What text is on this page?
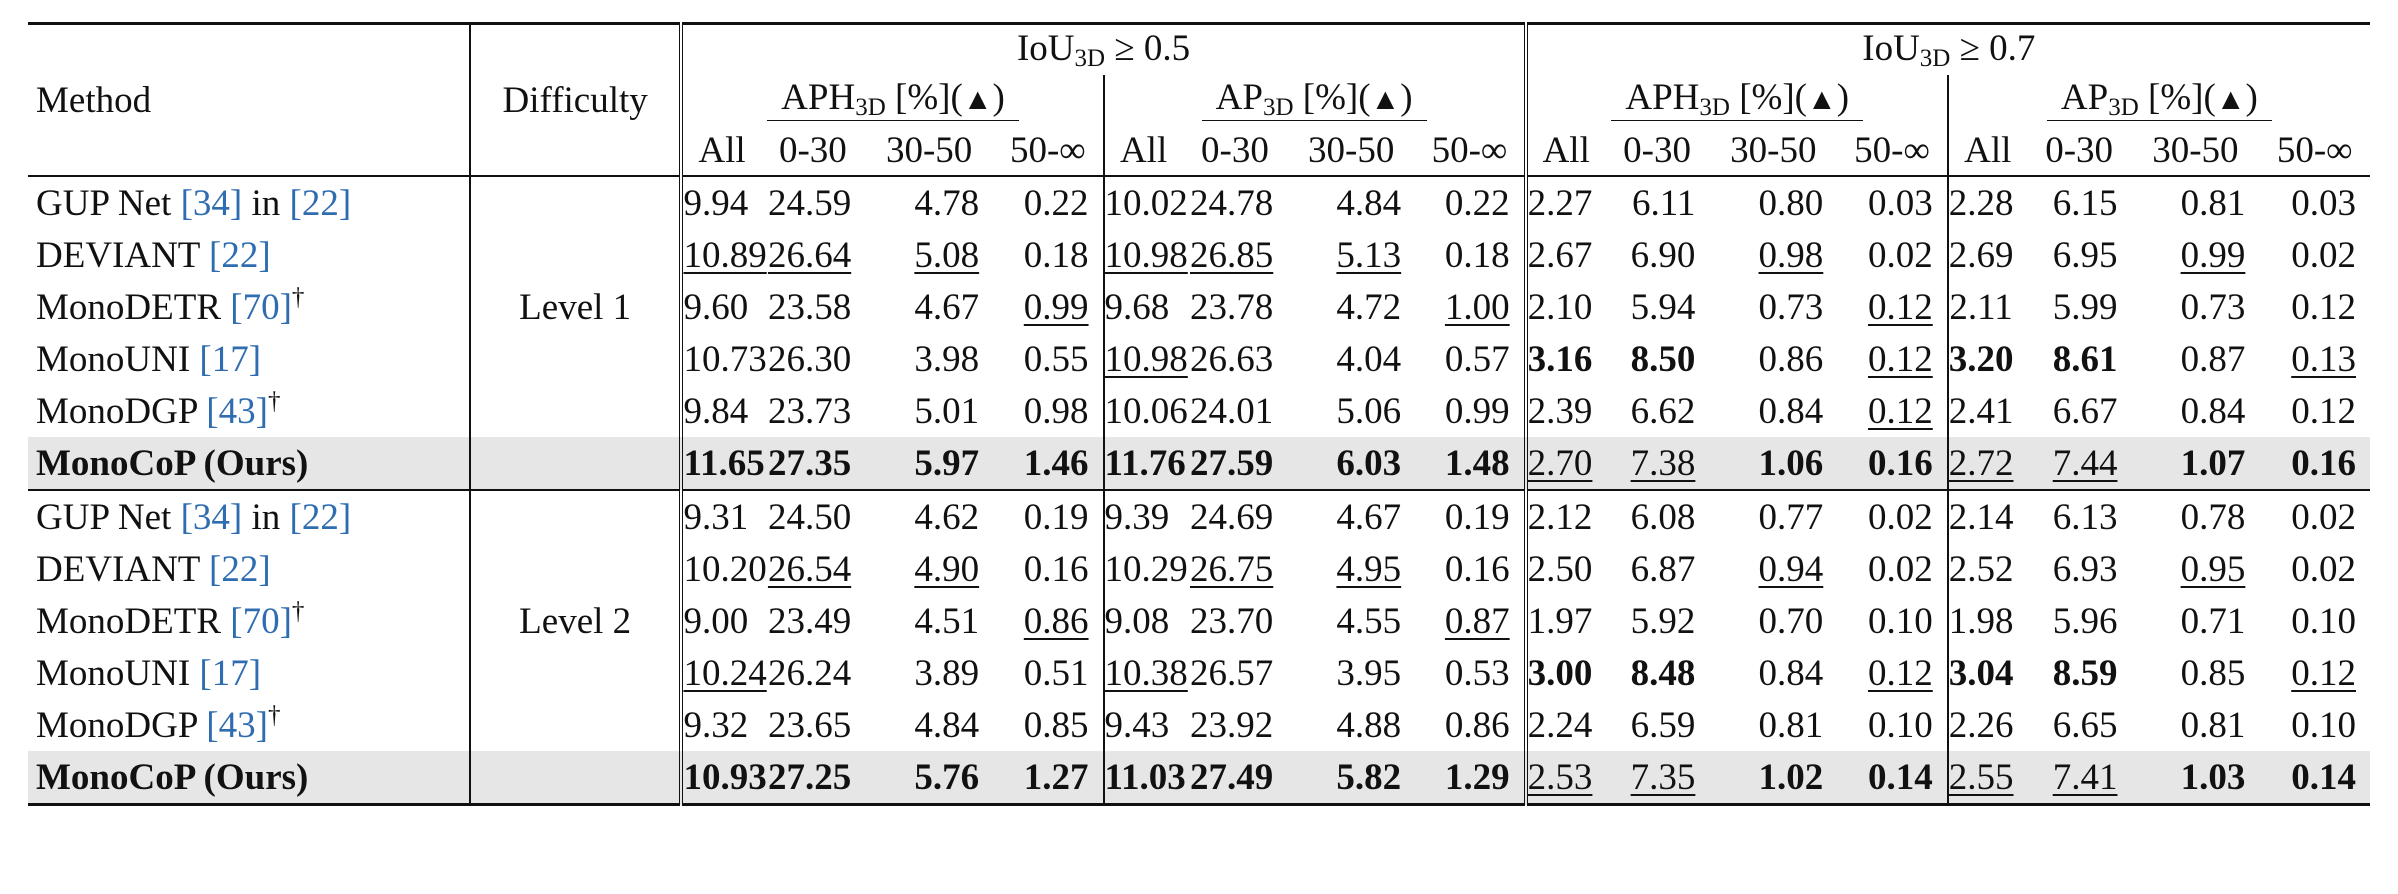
Method	Difficulty	IoU$_{3D}$ ≥ 0.5								IoU$_{3D}$ ≥ 0.7							
		$APH_{3D}$ [%](▲)				$AP_{3D}$ [%](▲)				$APH_{3D}$ [%](▲)				$AP_{3D}$ [%](▲)			
		All	0-30	30-50	50-∞	All	0-30	30-50	50-∞	All	0-30	30-50	50-∞	All	0-30	30-50	50-∞
GUP Net [34] in [22]	Level 1	9.94	24.59	4.78	0.22	10.02	24.78	4.84	0.22	2.27	6.11	0.80	0.03	2.28	6.15	0.81	0.03
DEVIANT [22]		10.89	26.64	5.08	0.18	10.98	26.85	5.13	0.18	2.67	6.90	0.98	0.02	2.69	6.95	0.99	0.02
MonoDETR [70]†		9.60	23.58	4.67	0.99	9.68	23.78	4.72	1.00	2.10	5.94	0.73	0.12	2.11	5.99	0.73	0.12
MonoUNI [17]		10.73	26.30	3.98	0.55	10.98	26.63	4.04	0.57	3.16	8.50	0.86	0.12	3.20	8.61	0.87	0.13
MonoDGP [43]†		9.84	23.73	5.01	0.98	10.06	24.01	5.06	0.99	2.39	6.62	0.84	0.12	2.41	6.67	0.84	0.12
MonoCoP (Ours)		11.65	27.35	5.97	1.46	11.76	27.59	6.03	1.48	2.70	7.38	1.06	0.16	2.72	7.44	1.07	0.16
GUP Net [34] in [22]	Level 2	9.31	24.50	4.62	0.19	9.39	24.69	4.67	0.19	2.12	6.08	0.77	0.02	2.14	6.13	0.78	0.02
DEVIANT [22]		10.20	26.54	4.90	0.16	10.29	26.75	4.95	0.16	2.50	6.87	0.94	0.02	2.52	6.93	0.95	0.02
MonoDETR [70]†		9.00	23.49	4.51	0.86	9.08	23.70	4.55	0.87	1.97	5.92	0.70	0.10	1.98	5.96	0.71	0.10
MonoUNI [17]		10.24	26.24	3.89	0.51	10.38	26.57	3.95	0.53	3.00	8.48	0.84	0.12	3.04	8.59	0.85	0.12
MonoDGP [43]†		9.32	23.65	4.84	0.85	9.43	23.92	4.88	0.86	2.24	6.59	0.81	0.10	2.26	6.65	0.81	0.10
MonoCoP (Ours)		10.93	27.25	5.76	1.27	11.03	27.49	5.82	1.29	2.53	7.35	1.02	0.14	2.55	7.41	1.03	0.14
